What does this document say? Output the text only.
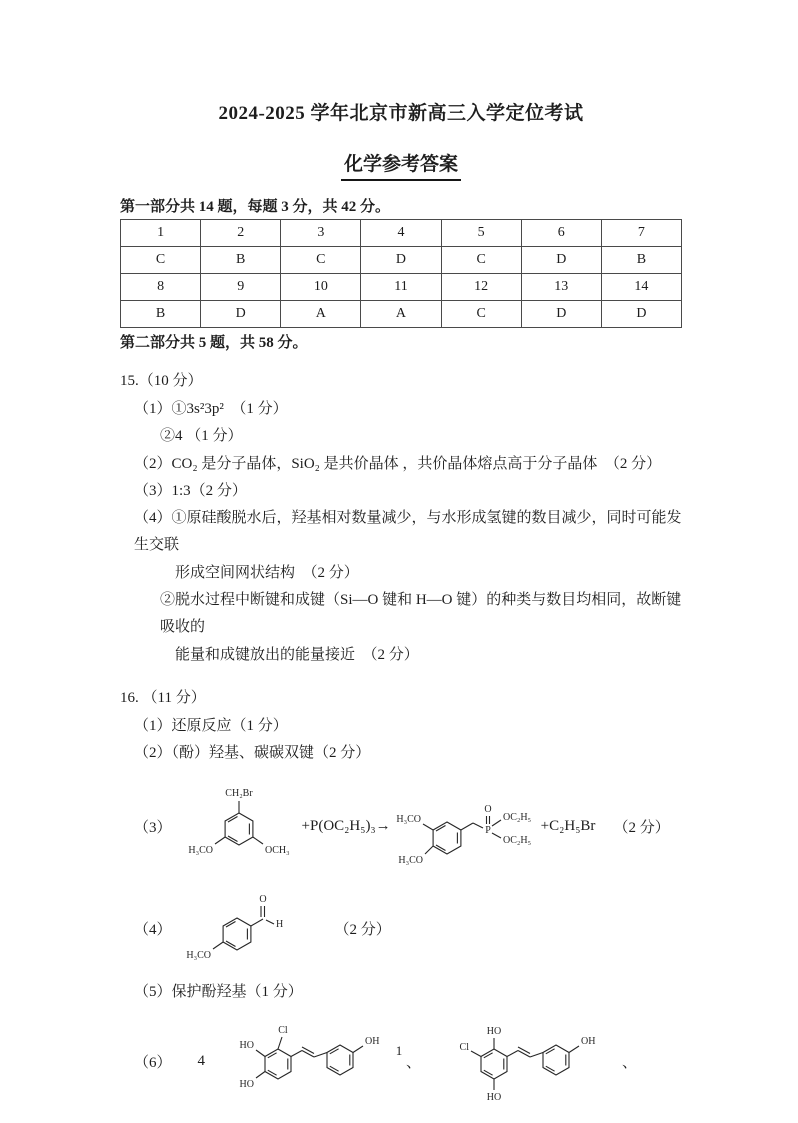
2024-2025 学年北京市新高三入学定位考试
化学参考答案

第一部分共 14 题，每题 3 分，共 42 分。

1	2	3	4	5	6	7
C	B	C	D	C	D	B
8	9	10	11	12	13	14
B	D	A	A	C	D	D

第二部分共 5 题，共 58 分。

15.（10 分）

（1）①3s²3p²　（1 分）

②4 （1 分）

（2）CO₂ 是分子晶体，SiO₂ 是共价晶体 ，共价晶体熔点高于分子晶体　（2 分）

（3）1:3（2 分）

（4）①原硅酸脱水后，羟基相对数量减少，与水形成氢键的数目减少，同时可能发生交联

形成空间网状结构　（2 分）

②脱水过程中断键和成键（Si—O 键和 H—O 键）的种类与数目均相同，故断键吸收的

能量和成键放出的能量接近　（2 分）

16. （11 分）

（1）还原反应（1 分）

（2）（酚）羟基、碳碳双键（2 分）

（3）
CH₂Br
H₃CO	OCH₃
+P(OC₂H₅)₃→ H₃CO
P
O
OC₂H₅
OC₂H₅
H₃CO
+C₂H₅Br （2 分）
（4）
O
H
H₃CO
（2 分）

（5）保护酚羟基（1 分）

（6） 4
HO
Cl
HO
OH
、
HO
Cl
HO
OH
、
1
